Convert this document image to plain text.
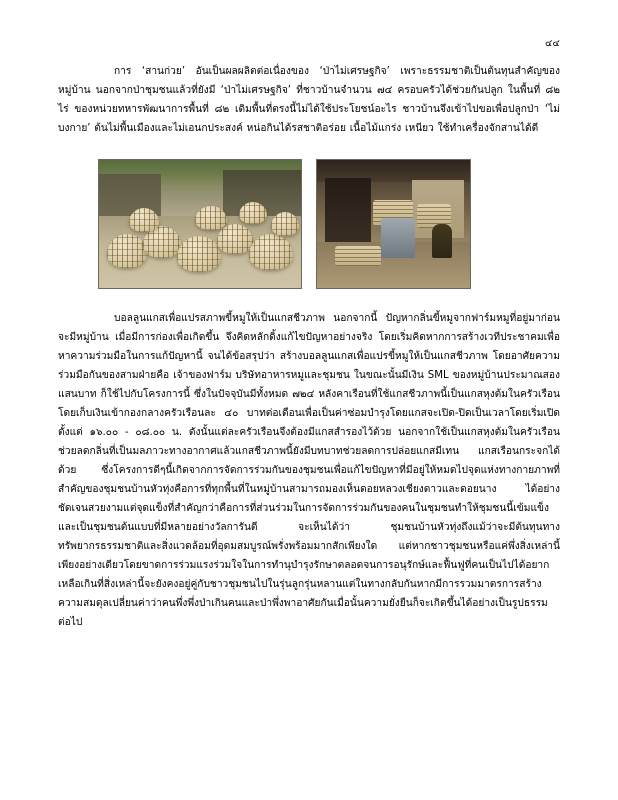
๔๔

การ ‘สานก่วย’ อันเป็นผลผลิตต่อเนื่องของ ‘ป่าไม่เศรษฐกิจ’ เพราะธรรมชาติเป็นต้นทุนสำคัญของหมู่บ้าน นอกจากป่าชุมชนแล้วที่ยังมี ‘ป่าไม่เศรษฐกิจ’ ที่ชาวบ้านจำนวน ๗๔ ครอบครัวได้ช่วยกันปลูก ในพื้นที่ ๘๒ ไร่ ของหน่วยทหารพัฒนาการพื้นที่ ๘๒ เดิมพื้นที่ตรงนี้ไม่ได้ใช้ประโยชน์อะไร ชาวบ้านจึงเข้าไปขอเพื่อปลูกป่า ‘ไม่บงกาย’ ต้นไม่พื้นเมืองและไม่เอนกประสงค์ หน่อกินได้รสชาติอร่อย เนื้อไม้แกร่ง เหนียว ใช้ทำเครื่องจักสานได้ดี

บอลลูนแกสเพื่อแปรสภาพขี้หมูให้เป็นแกสชีวภาพ นอกจากนี้ ปัญหากลิ่นขี้หมูจากฟาร์มหมูที่อยู่มาก่อนจะมีหมู่บ้าน เมื่อมีการก่องเพื่อเกิดขึ้น จึงคิดหลักดิ้งแก้ไขปัญหาอย่างจริง โดยเริ่มคิดหากการสร้างเวทีประชาคมเพื่อหาความร่วมมือในการแก้ปัญหานี้ จนได้ข้อสรุปว่า สร้างบอลลูนแกสเพื่อแปรขี้หมูให้เป็นแกสชีวภาพ โดยอาศัยความร่วมมือกันของสามฝ่ายคือ เจ้าของฟาร์ม บริษัทอาหารหมูและชุมชน ในขณะนั้นมีเงิน SML ของหมู่บ้านประมาณสองแสนบาท ก็ใช้ไปกับโครงการนี้ ซึ่งในปัจจุบันมีทั้งหมด ๗๒๔ หลังคาเรือนที่ใช้แกสชีวภาพนี้เป็นแกสหุงต้มในครัวเรือน โดยเก็บเงินเข้ากองกลางครัวเรือนละ ๔๐ บาทต่อเดือนเพื่อเป็นค่าซ่อมบำรุงโดยแกสจะเปิด-ปิดเป็นเวลาโดยเริ่มเปิดตั้งแต่ ๑๖.๐๐ - ๐๘.๐๐ น. ดังนั้นแต่ละครัวเรือนจึงต้องมีแกสสำรองไว้ด้วย นอกจากใช้เป็นแกสหุงต้มในครัวเรือนช่วยลดกลิ่นที่เป็นมลภาวะทางอากาศแล้วแกสชีวภาพนี้ยังมีบทบาทช่วยลดการปล่อยแกสมีเทน แกสเรือนกระจกได้ด้วย ซึ่งโครงการดีๆนี้เกิดจากการจัดการร่วมกันของชุมชนเพื่อแก้ไขปัญหาที่มีอยู่ให้หมดไปจุดแห่งทางกายภาพที่สำคัญของชุมชนบ้านหัวทุ่งคือการที่ทุกพื้นที่ในหมู่บ้านสามารถมองเห็นดอยหลวงเชียงดาวและดอยนาง ได้อย่างชัดเจนสวยงามแต่จุดแข็งที่สำคัญกว่าคือการที่ส่วนร่วมในการจัดการร่วมกันของคนในชุมชนทำให้ชุมชนนี้เข้มแข็งและเป็นชุมชนต้นแบบที่มีหลายอย่างวัลการันตี จะเห็นได้ว่า ชุมชนบ้านหัวทุ่งถึงแม้ว่าจะมีต้นทุนทางทรัพยากรธรรมชาติและสิ่งแวดล้อมที่อุดมสมบูรณ์พรั่งพร้อมมากสักเพียงใด แต่หากชาวชุมชนหรือแค่พึ่งสิ่งเหล่านี้เพียงอย่างเดียวโดยขาดการร่วมแรงร่วมใจในการทำนุบำรุงรักษาตลอดจนการอนุรักษ์และฟื้นฟูที่คนเป็นไปได้อยากเหลือเกินที่สิ่งเหล่านี้จะยังคงอยู่คู่กับชาวชุมชนไปในรุ่นลูกรุ่นหลานแต่ในทางกลับกันหากมีการรวมมาตรการสร้างความสมดุลเปลี่ยนค่าว่าคนพึ่งพึ่งป่าเกินคนและป่าพึ่งพาอาศัยกันเมื่อนั้นความยั่งยืนก็จะเกิดขึ้นได้อย่างเป็นรูปธรรมต่อไป
